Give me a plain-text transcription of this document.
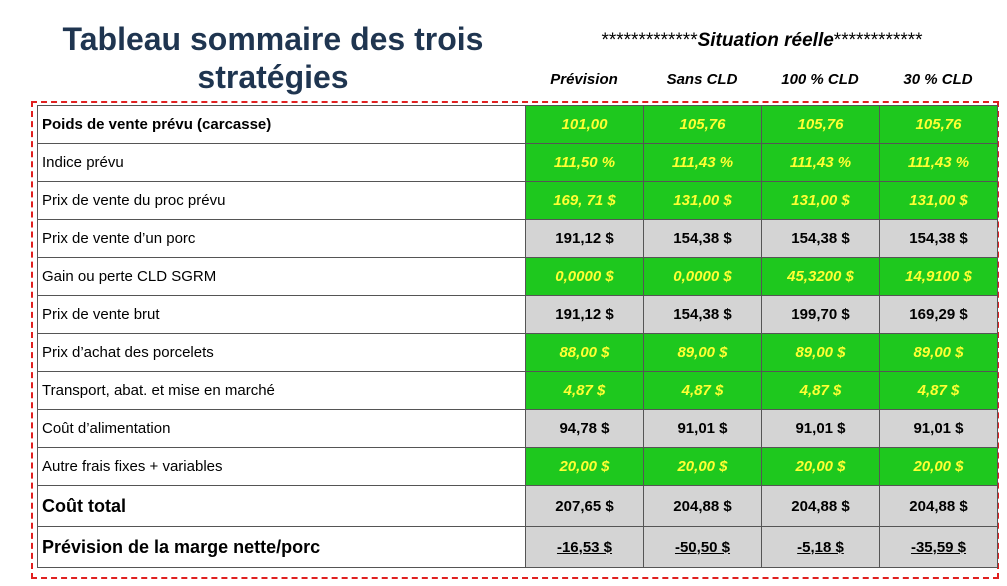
Tableau sommaire des trois stratégies
*************Situation réelle************
Prévision	Sans CLD	100 % CLD	30 % CLD
Poids de vente prévu (carcasse)	101,00	105,76	105,76	105,76
Indice prévu	111,50 %	111,43 %	111,43 %	111,43 %
Prix de vente du proc prévu	169, 71 $	131,00 $	131,00 $	131,00 $
Prix de vente d’un porc	191,12 $	154,38 $	154,38 $	154,38 $
Gain ou perte CLD SGRM	0,0000 $	0,0000 $	45,3200 $	14,9100 $
Prix de vente brut	191,12 $	154,38 $	199,70 $	169,29 $
Prix d’achat des porcelets	88,00 $	89,00 $	89,00 $	89,00 $
Transport, abat. et mise en marché	4,87 $	4,87 $	4,87 $	4,87 $
Coût d’alimentation	94,78 $	91,01 $	91,01 $	91,01 $
Autre frais fixes + variables	20,00 $	20,00 $	20,00 $	20,00 $
Coût total	207,65 $	204,88 $	204,88 $	204,88 $
Prévision de la marge nette/porc	-16,53 $	-50,50 $	-5,18 $	-35,59 $
